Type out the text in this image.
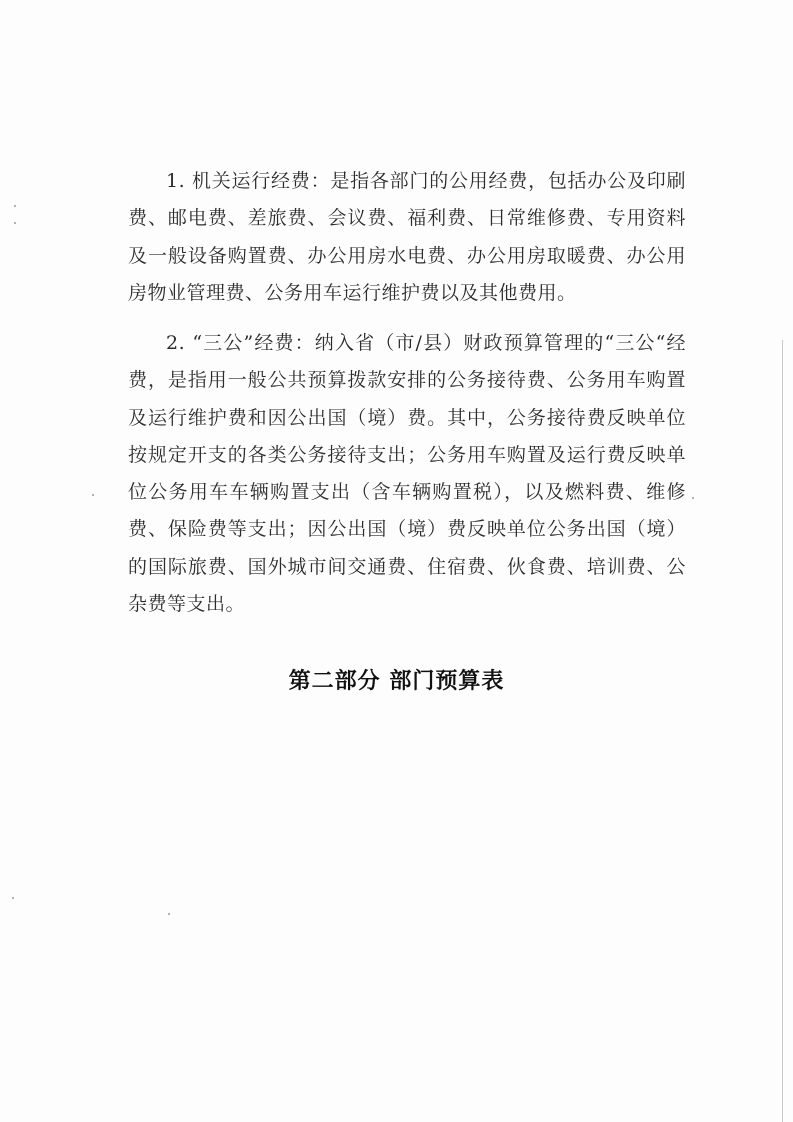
1. 机关运行经费：是指各部门的公用经费，包括办公及印刷费、邮电费、差旅费、会议费、福利费、日常维修费、专用资料及一般设备购置费、办公用房水电费、办公用房取暖费、办公用房物业管理费、公务用车运行维护费以及其他费用。

2. “三公”经费：纳入省（市/县）财政预算管理的“三公“经费，是指用一般公共预算拨款安排的公务接待费、公务用车购置及运行维护费和因公出国（境）费。其中，公务接待费反映单位按规定开支的各类公务接待支出；公务用车购置及运行费反映单位公务用车车辆购置支出（含车辆购置税），以及燃料费、维修费、保险费等支出；因公出国（境）费反映单位公务出国（境）的国际旅费、国外城市间交通费、住宿费、伙食费、培训费、公杂费等支出。

第二部分 部门预算表
